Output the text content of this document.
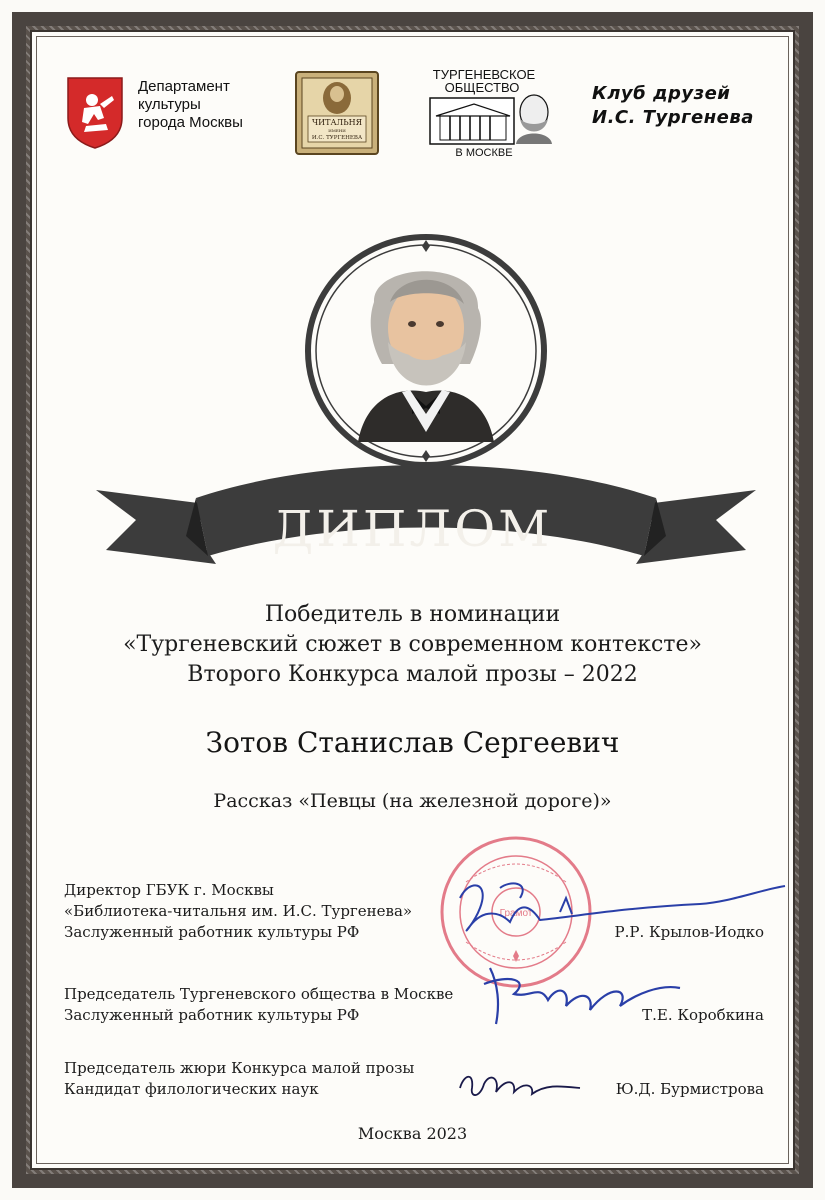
Департамент
культуры
города Москвы	ЧИТАЛЬНЯ
ИМЕНИ
И.С. ТУРГЕНЕВА
ТУРГЕНЕВСКОЕ
ОБЩЕСТВО
В МОСКВЕ
Клуб друзей
И.С. Тургенева
ДИПЛОМ
Победитель в номинации
«Тургеневский сюжет в современном контексте»
Второго Конкурса малой прозы – 2022
Зотов Станислав Сергеевич
Рассказ «Певцы (на железной дороге)»
Грамот
Директор ГБУК г. Москвы
«Библиотека-читальня им. И.С. Тургенева»
Заслуженный работник культуры РФ	Р.Р. Крылов-Иодко
Председатель Тургеневского общества в Москве
Заслуженный работник культуры РФ	Т.Е. Коробкина
Председатель жюри Конкурса малой прозы
Кандидат филологических наук	Ю.Д. Бурмистрова
Москва 2023
